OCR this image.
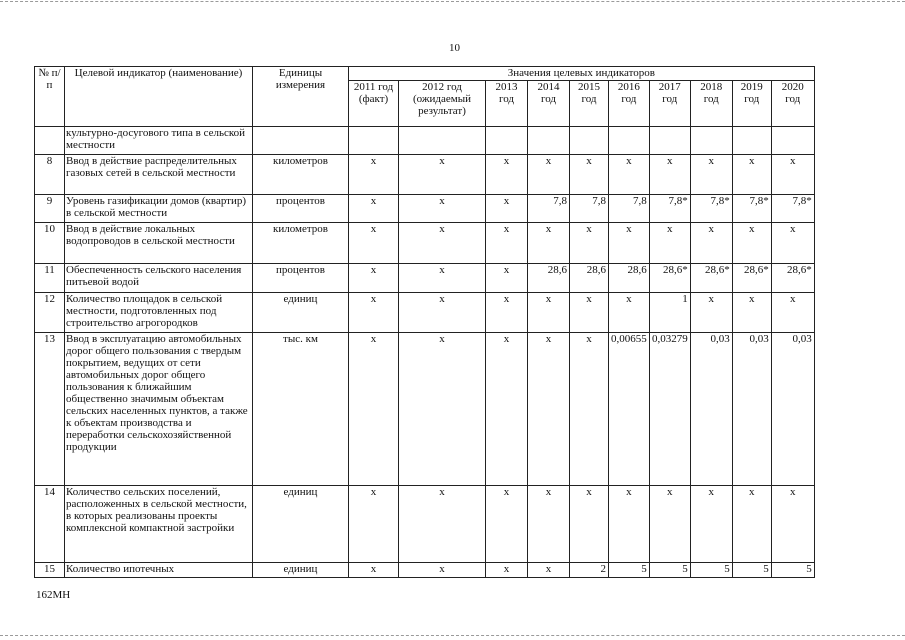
10
№ п/п	Целевой индикатор (наименование)	Единицы измерения	Значения целевых индикаторов									
			2011 год (факт)	2012 год (ожидаемый результат)	2013 год	2014 год	2015 год	2016 год	2017 год	2018 год	2019 год	2020 год
	культурно-досугового типа в сельской местности											
8	Ввод в действие распределительных газовых сетей в сельской местности	километров	х	х	х	х	х	х	х	х	х	х
9	Уровень газификации домов (квартир) в сельской местности	процентов	х	х	х	7,8	7,8	7,8	7,8*	7,8*	7,8*	7,8*
10	Ввод в действие локальных водопроводов в сельской местности	километров	х	х	х	х	х	х	х	х	х	х
11	Обеспеченность сельского населения питьевой водой	процентов	х	х	х	28,6	28,6	28,6	28,6*	28,6*	28,6*	28,6*
12	Количество площадок в сельской местности, подготовленных под строительство агрогородков	единиц	х	х	х	х	х	х	1	х	х	х
13	Ввод в эксплуатацию автомобильных дорог общего пользования с твердым покрытием, ведущих от сети автомобильных дорог общего пользования к ближайшим общественно значимым объектам сельских населенных пунктов, а также к объектам производства и переработки сельскохозяйственной продукции	тыс. км	х	х	х	х	х	0,00655	0,03279	0,03	0,03	0,03
14	Количество сельских поселений, расположенных в сельской местности, в которых реализованы проекты комплексной компактной застройки	единиц	х	х	х	х	х	х	х	х	х	х
15	Количество ипотечных	единиц	х	х	х	х	2	5	5	5	5	5
162МН
